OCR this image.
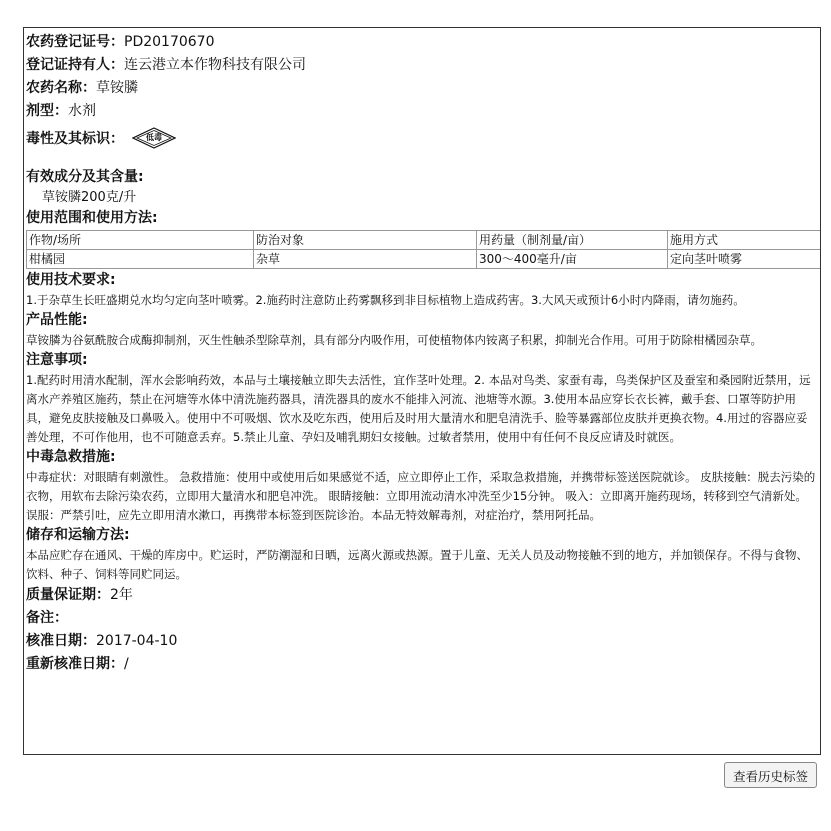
农药登记证号：PD20170670
登记证持有人：连云港立本作物科技有限公司
农药名称：草铵膦
剂型：水剂
毒性及其标识：	低毒
有效成分及其含量:
草铵膦200克/升
使用范围和使用方法:
作物/场所	防治对象	用药量（制剂量/亩）	施用方式
柑橘园	杂草	300～400毫升/亩	定向茎叶喷雾
使用技术要求:
1.于杂草生长旺盛期兑水均匀定向茎叶喷雾。2.施药时注意防止药雾飘移到非目标植物上造成药害。3.大风天或预计6小时内降雨，请勿施药。
产品性能:
草铵膦为谷氨酰胺合成酶抑制剂，灭生性触杀型除草剂，具有部分内吸作用，可使植物体内铵离子积累，抑制光合作用。可用于防除柑橘园杂草。
注意事项:
1.配药时用清水配制，浑水会影响药效，本品与土壤接触立即失去活性，宜作茎叶处理。2. 本品对鸟类、家蚕有毒，鸟类保护区及蚕室和桑园附近禁用，远离水产养殖区施药，禁止在河塘等水体中清洗施药器具，清洗器具的废水不能排入河流、池塘等水源。3.使用本品应穿长衣长裤，戴手套、口罩等防护用具，避免皮肤接触及口鼻吸入。使用中不可吸烟、饮水及吃东西，使用后及时用大量清水和肥皂清洗手、脸等暴露部位皮肤并更换衣物。4.用过的容器应妥善处理，不可作他用，也不可随意丢弃。5.禁止儿童、孕妇及哺乳期妇女接触。过敏者禁用，使用中有任何不良反应请及时就医。
中毒急救措施:
中毒症状：对眼睛有刺激性。 急救措施：使用中或使用后如果感觉不适，应立即停止工作，采取急救措施，并携带标签送医院就诊。 皮肤接触：脱去污染的衣物，用软布去除污染农药，立即用大量清水和肥皂冲洗。 眼睛接触：立即用流动清水冲洗至少15分钟。 吸入：立即离开施药现场，转移到空气清新处。 误服：严禁引吐，应先立即用清水漱口，再携带本标签到医院诊治。本品无特效解毒剂，对症治疗，禁用阿托品。
储存和运输方法:
本品应贮存在通风、干燥的库房中。贮运时，严防潮湿和日晒，远离火源或热源。置于儿童、无关人员及动物接触不到的地方，并加锁保存。不得与食物、饮料、种子、饲料等同贮同运。
质量保证期：2年
备注：
核准日期：2017-04-10
重新核准日期：/
查看历史标签
